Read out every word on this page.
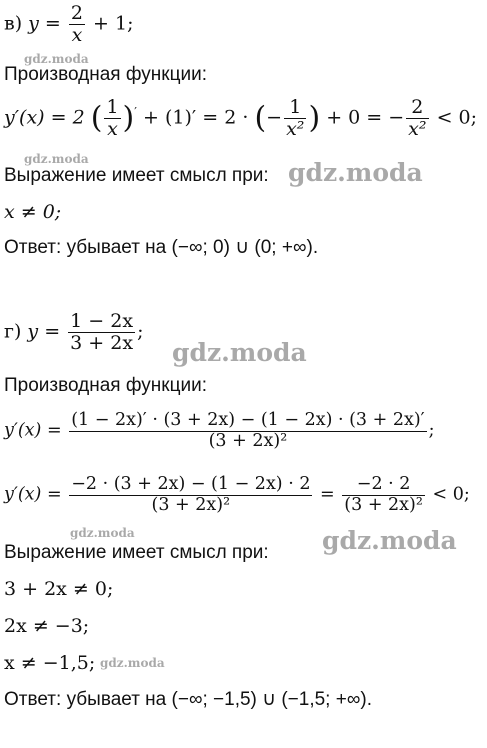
в) $y = \frac{2}{x} + 1$;
Производная функции:
y′(x) = 2 ( $\frac{1}{x} )' + (1)' = 2$ · (− $\frac{1}{\text{x²}}$ ) + 0 = − $\frac{2}{\text{x²}} < 0$;
Выражение имеет смысл при:
x ≠ 0;
Ответ: убывает на (−∞; 0) ∪ (0; +∞).
г) $y = \frac{1 - 2x}{3 + 2x}$ ;
Производная функции:
$y'(x) = \frac{(1 - 2x)' \cdot (3 + 2x) - (1 - 2x) \cdot (3 + 2x)'}{\text{(3 + 2x)²}}$ ;
$y'(x) = \frac{-2 \cdot (3 + 2x) - (1 - 2x) \cdot 2}{\text{(3 + 2x)²}} = \frac{-2 \cdot 2}{\text{(3 + 2x)²}} < 0$;
Выражение имеет смысл при:
3 + 2x ≠ 0;
2x ≠ −3;
x ≠ −1,5;
Ответ: убывает на (−∞; −1,5) ∪ (−1,5; +∞).
gdz.moda
gdz.moda	gdz.moda
gdz.moda
gdz.moda	gdz.moda
gdz.moda
